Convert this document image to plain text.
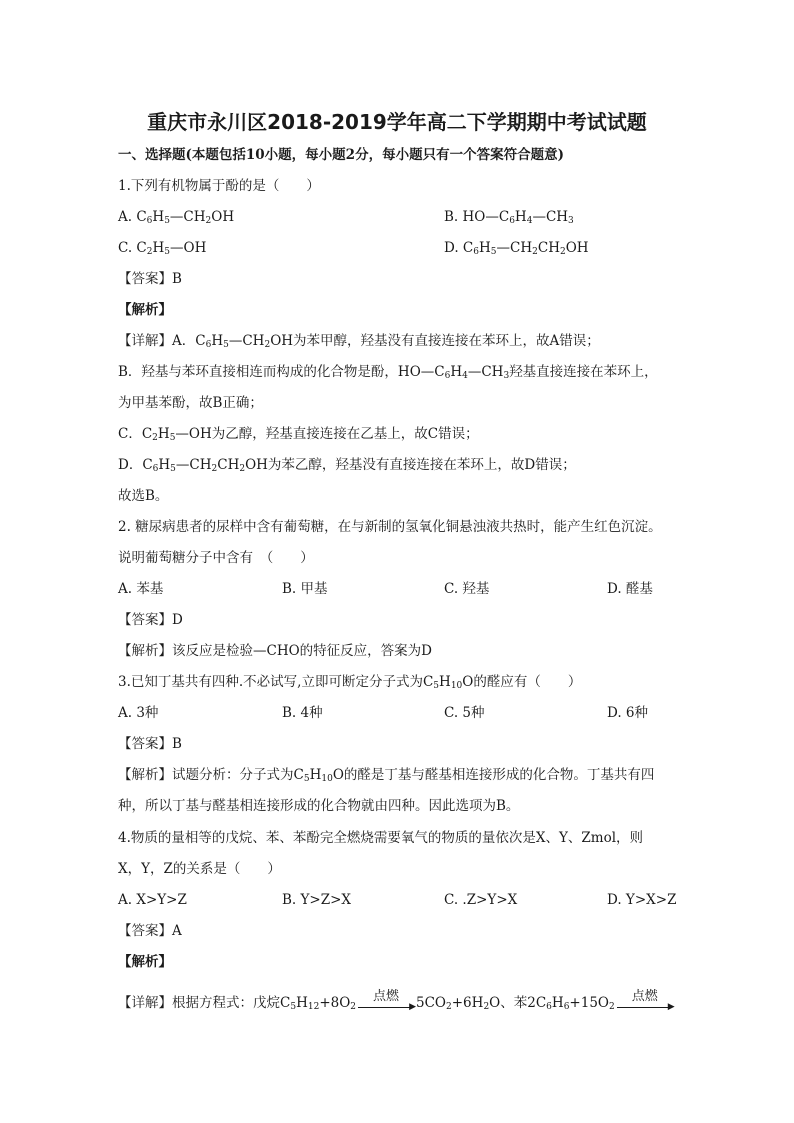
重庆市永川区2018-2019学年高二下学期期中考试试题
一、选择题(本题包括10小题，每小题2分，每小题只有一个答案符合题意)
1.下列有机物属于酚的是（　　）
A. $C_6H_5—CH_2OH$	B. $HO—C_6H_4—CH_3$
C. $C_2H_5—OH$	D. $C_6H_5—CH_2CH_2OH$
【答案】B
【解析】
【详解】A．$C_6H_5—CH_2OH$为苯甲醇，羟基没有直接连接在苯环上，故A错误；
B．羟基与苯环直接相连而构成的化合物是酚，$HO—C_6H_4—CH_3$羟基直接连接在苯环上，
为甲基苯酚，故B正确；
C．$C_2H_5—OH$为乙醇，羟基直接连接在乙基上，故C错误；
D．$C_6H_5—CH_2CH_2OH$为苯乙醇，羟基没有直接连接在苯环上，故D错误；
故选B。
2. 糖尿病患者的尿样中含有葡萄糖，在与新制的氢氧化铜悬浊液共热时，能产生红色沉淀。
说明葡萄糖分子中含有　（　　）
A. 苯基	B. 甲基	C. 羟基	D. 醛基
【答案】D
【解析】该反应是检验—CHO的特征反应，答案为D
3.已知丁基共有四种.不必试写,立即可断定分子式为$C_5H_{10}O$的醛应有（　　）
A. 3种	B. 4种	C. 5种	D. 6种
【答案】B
【解析】试题分析：分子式为$C_5H_{10}O$的醛是丁基与醛基相连接形成的化合物。丁基共有四
种，所以丁基与醛基相连接形成的化合物就由四种。因此选项为B。
4.物质的量相等的戊烷、苯、苯酚完全燃烧需要氧气的物质的量依次是X、Y、Zmol，则
X，Y，Z的关系是（　　）
A. X>Y>Z	B. Y>Z>X	C. .Z>Y>X	D. Y>X>Z
【答案】A
【解析】
【详解】根据方程式：戊烷$C_5H_{12}+8O_2$
点燃
▶ $5CO_2+6H_2O$、苯$2C_6H_6+15O_2$
点燃
▶
